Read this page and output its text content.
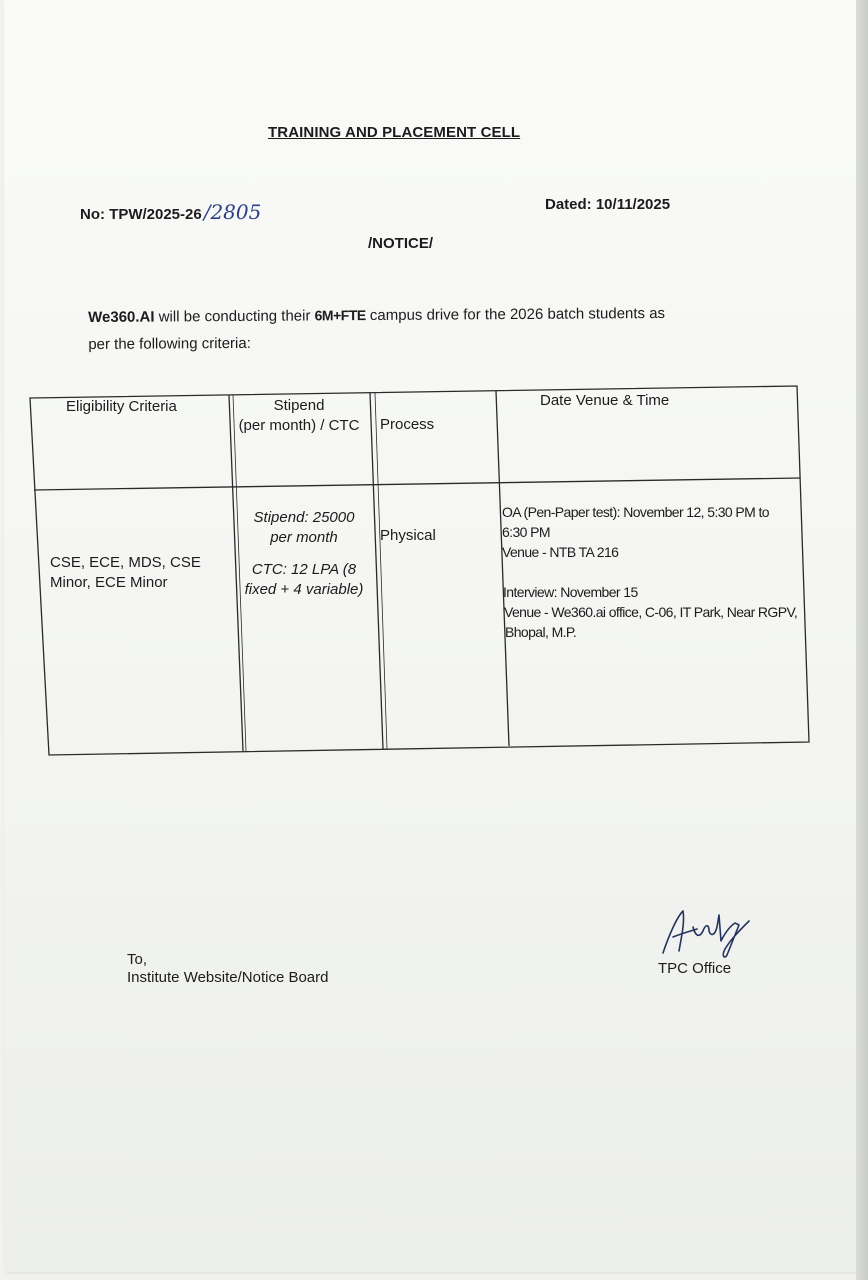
TRAINING AND PLACEMENT CELL
No: TPW/2025-26 /2805	Dated: 10/11/2025
/NOTICE/
We360.AI will be conducting their 6M+FTE campus drive for the 2026 batch students as
per the following criteria:
Eligibility Criteria	Stipend
(per month) / CTC Process
Date Venue & Time
CSE, ECE, MDS, CSE Minor, ECE Minor
Stipend: 25000
per month
CTC: 12 LPA (8
fixed + 4 variable)
Physical
OA (Pen-Paper test): November 12, 5:30 PM to
6:30 PM
Venue - NTB TA 216
Interview: November 15
Venue - We360.ai office, C-06, IT Park, Near RGPV,
Bhopal, M.P.
To,
Institute Website/Notice Board
TPC Office
